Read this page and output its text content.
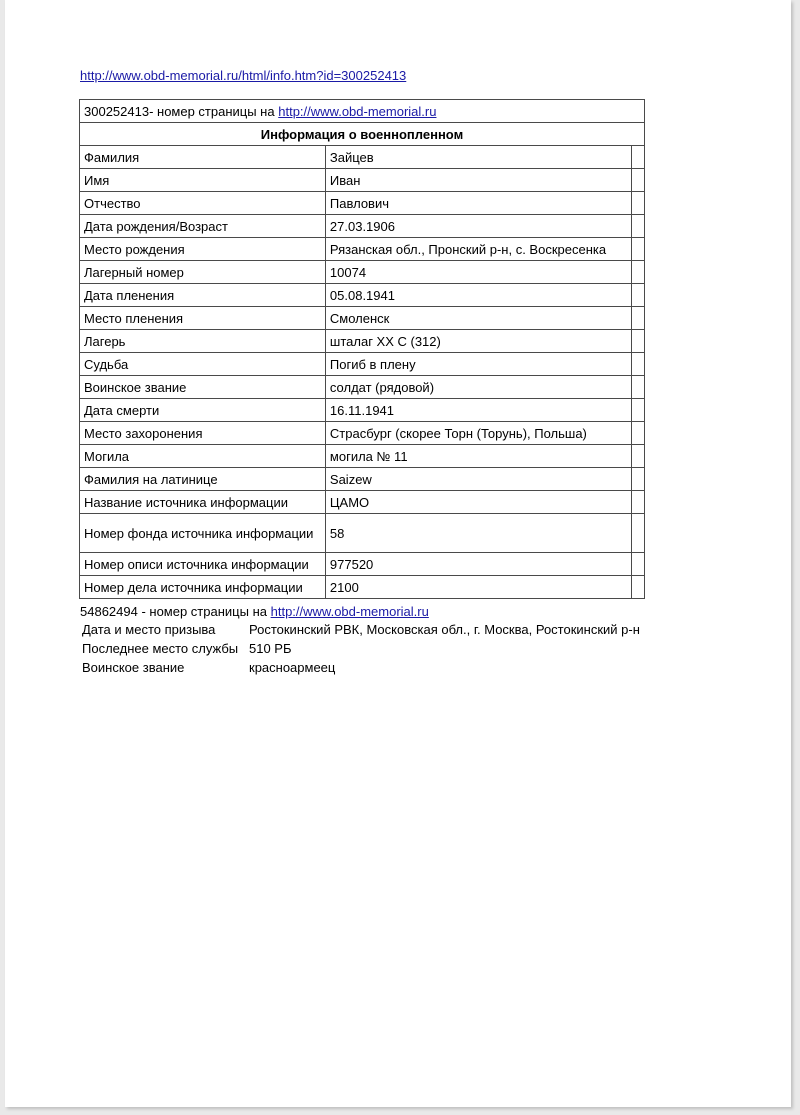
http://www.obd-memorial.ru/html/info.htm?id=300252413
300252413- номер страницы на http://www.obd-memorial.ru		
Информация о военнопленном		
Фамилия	Зайцев	
Имя	Иван	
Отчество	Павлович	
Дата рождения/Возраст	27.03.1906	
Место рождения	Рязанская обл., Пронский р-н, с. Воскресенка	
Лагерный номер	10074	
Дата пленения	05.08.1941	
Место пленения	Смоленск	
Лагерь	шталаг XX C (312)	
Судьба	Погиб в плену	
Воинское звание	солдат (рядовой)	
Дата смерти	16.11.1941	
Место захоронения	Страсбург (скорее Торн (Торунь), Польша)	
Могила	могила № 11	
Фамилия на латинице	Saizew	
Название источника информации	ЦАМО	
Номер фонда источника информации	58	
Номер описи источника информации	977520	
Номер дела источника информации	2100	
54862494 - номер страницы на http://www.obd-memorial.ru
Дата и место призыва	Ростокинский РВК, Московская обл., г. Москва, Ростокинский р-н
Последнее место службы	510 РБ
Воинское звание	красноармеец
